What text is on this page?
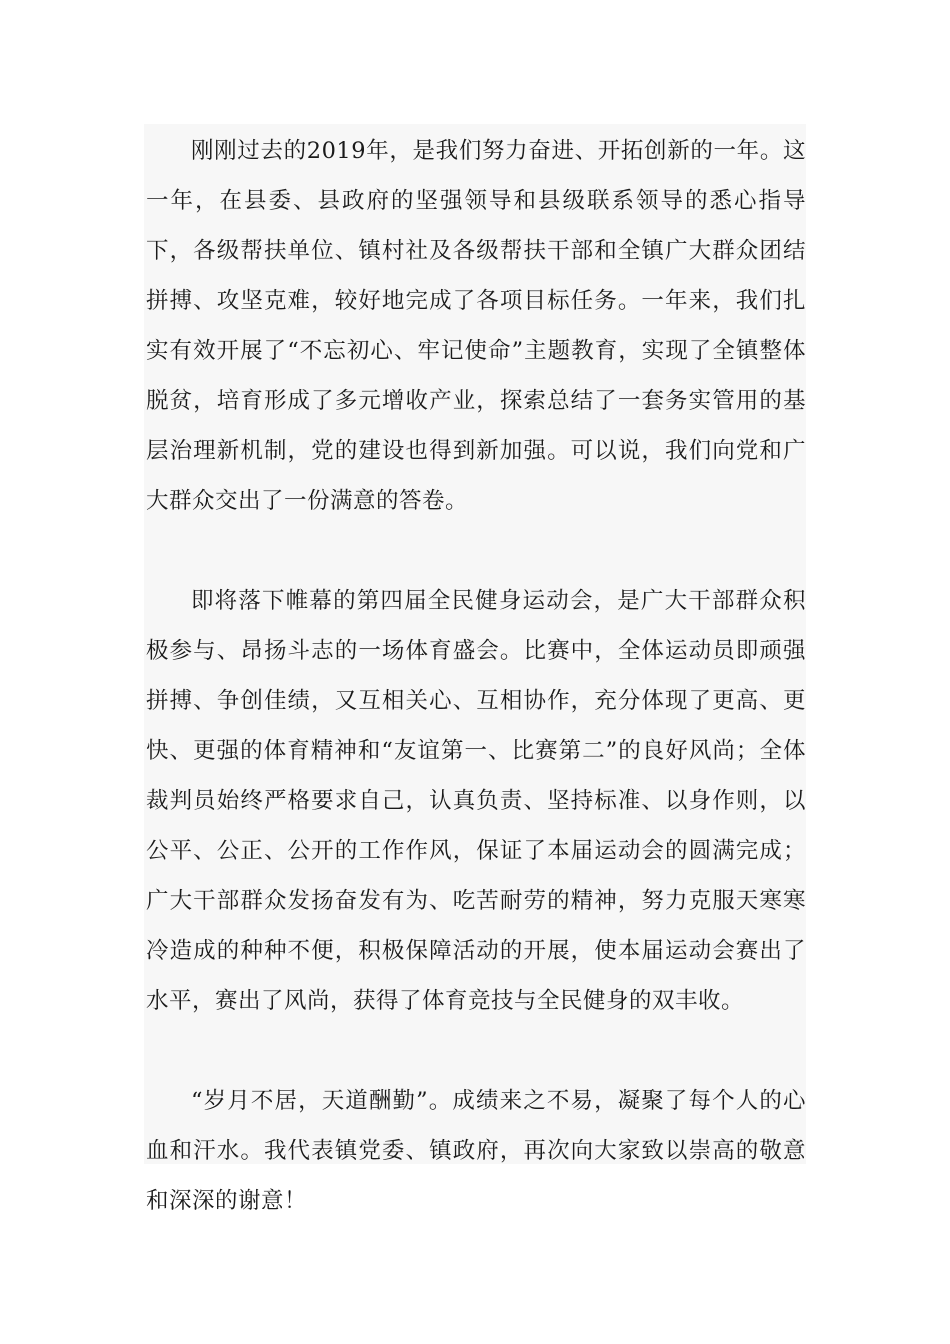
刚刚过去的2019年，是我们努力奋进、开拓创新的一年。这一年，在县委、县政府的坚强领导和县级联系领导的悉心指导下，各级帮扶单位、镇村社及各级帮扶干部和全镇广大群众团结拼搏、攻坚克难，较好地完成了各项目标任务。一年来，我们扎实有效开展了“不忘初心、牢记使命”主题教育，实现了全镇整体脱贫，培育形成了多元增收产业，探索总结了一套务实管用的基层治理新机制，党的建设也得到新加强。可以说，我们向党和广大群众交出了一份满意的答卷。

即将落下帷幕的第四届全民健身运动会，是广大干部群众积极参与、昂扬斗志的一场体育盛会。比赛中，全体运动员即顽强拼搏、争创佳绩，又互相关心、互相协作，充分体现了更高、更快、更强的体育精神和“友谊第一、比赛第二”的良好风尚；全体裁判员始终严格要求自己，认真负责、坚持标准、以身作则，以公平、公正、公开的工作作风，保证了本届运动会的圆满完成；广大干部群众发扬奋发有为、吃苦耐劳的精神，努力克服天寒寒冷造成的种种不便，积极保障活动的开展，使本届运动会赛出了水平，赛出了风尚，获得了体育竞技与全民健身的双丰收。

“岁月不居，天道酬勤”。成绩来之不易，凝聚了每个人的心血和汗水。我代表镇党委、镇政府，再次向大家致以崇高的敬意和深深的谢意！
